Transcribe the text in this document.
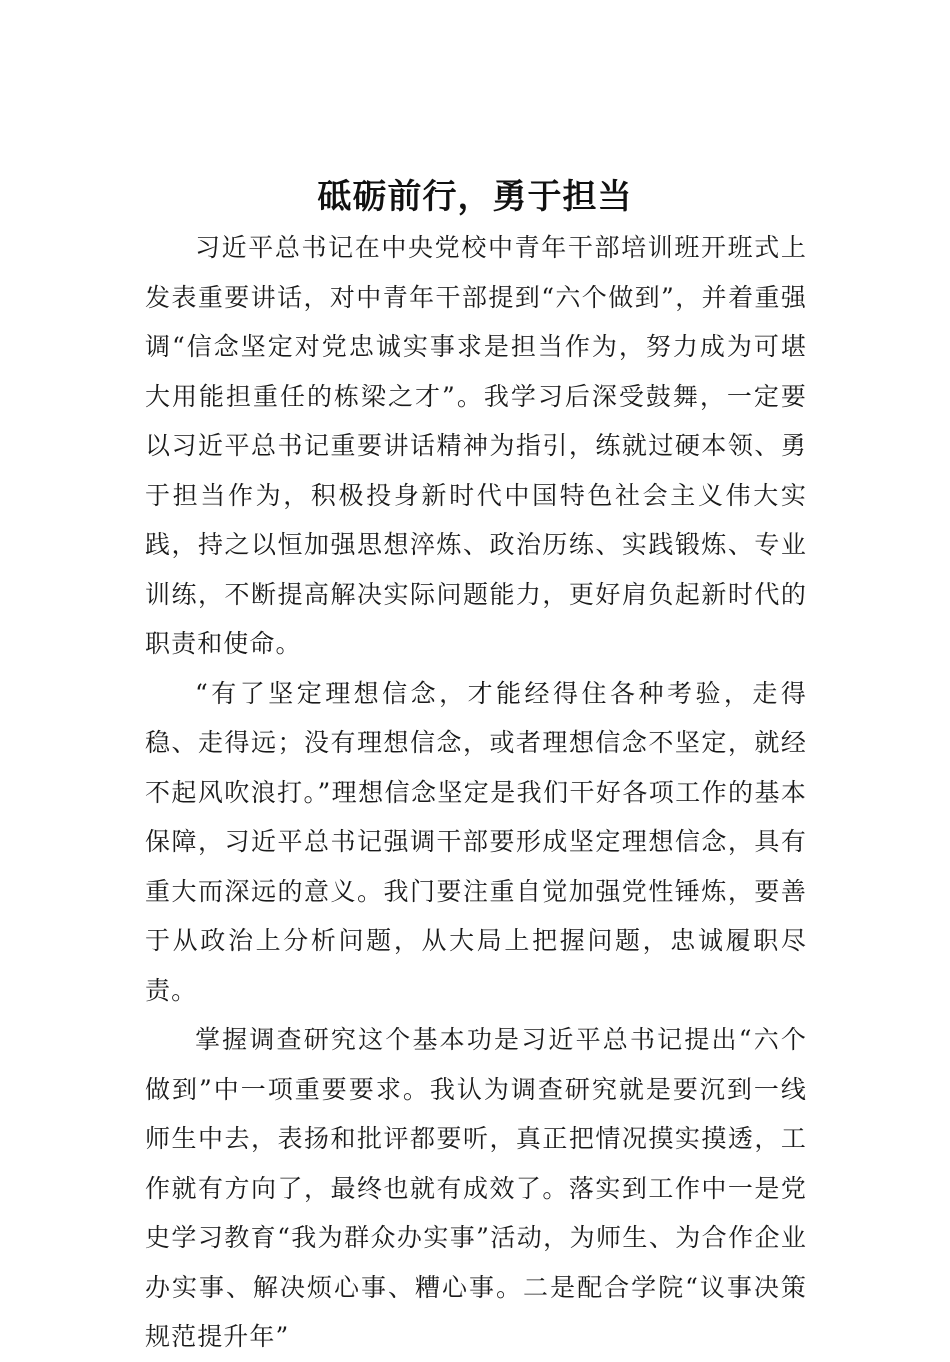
砥砺前行，勇于担当

习近平总书记在中央党校中青年干部培训班开班式上发表重要讲话，对中青年干部提到“六个做到”，并着重强调“信念坚定对党忠诚实事求是担当作为，努力成为可堪大用能担重任的栋梁之才”。我学习后深受鼓舞，一定要以习近平总书记重要讲话精神为指引，练就过硬本领、勇于担当作为，积极投身新时代中国特色社会主义伟大实践，持之以恒加强思想淬炼、政治历练、实践锻炼、专业训练，不断提高解决实际问题能力，更好肩负起新时代的职责和使命。

“有了坚定理想信念，才能经得住各种考验，走得稳、走得远；没有理想信念，或者理想信念不坚定，就经不起风吹浪打。”理想信念坚定是我们干好各项工作的基本保障，习近平总书记强调干部要形成坚定理想信念，具有重大而深远的意义。我门要注重自觉加强党性锤炼，要善于从政治上分析问题，从大局上把握问题，忠诚履职尽责。

掌握调查研究这个基本功是习近平总书记提出“六个做到”中一项重要要求。我认为调查研究就是要沉到一线师生中去，表扬和批评都要听，真正把情况摸实摸透，工作就有方向了，最终也就有成效了。落实到工作中一是党史学习教育“我为群众办实事”活动，为师生、为合作企业办实事、解决烦心事、糟心事。二是配合学院“议事决策规范提升年”
